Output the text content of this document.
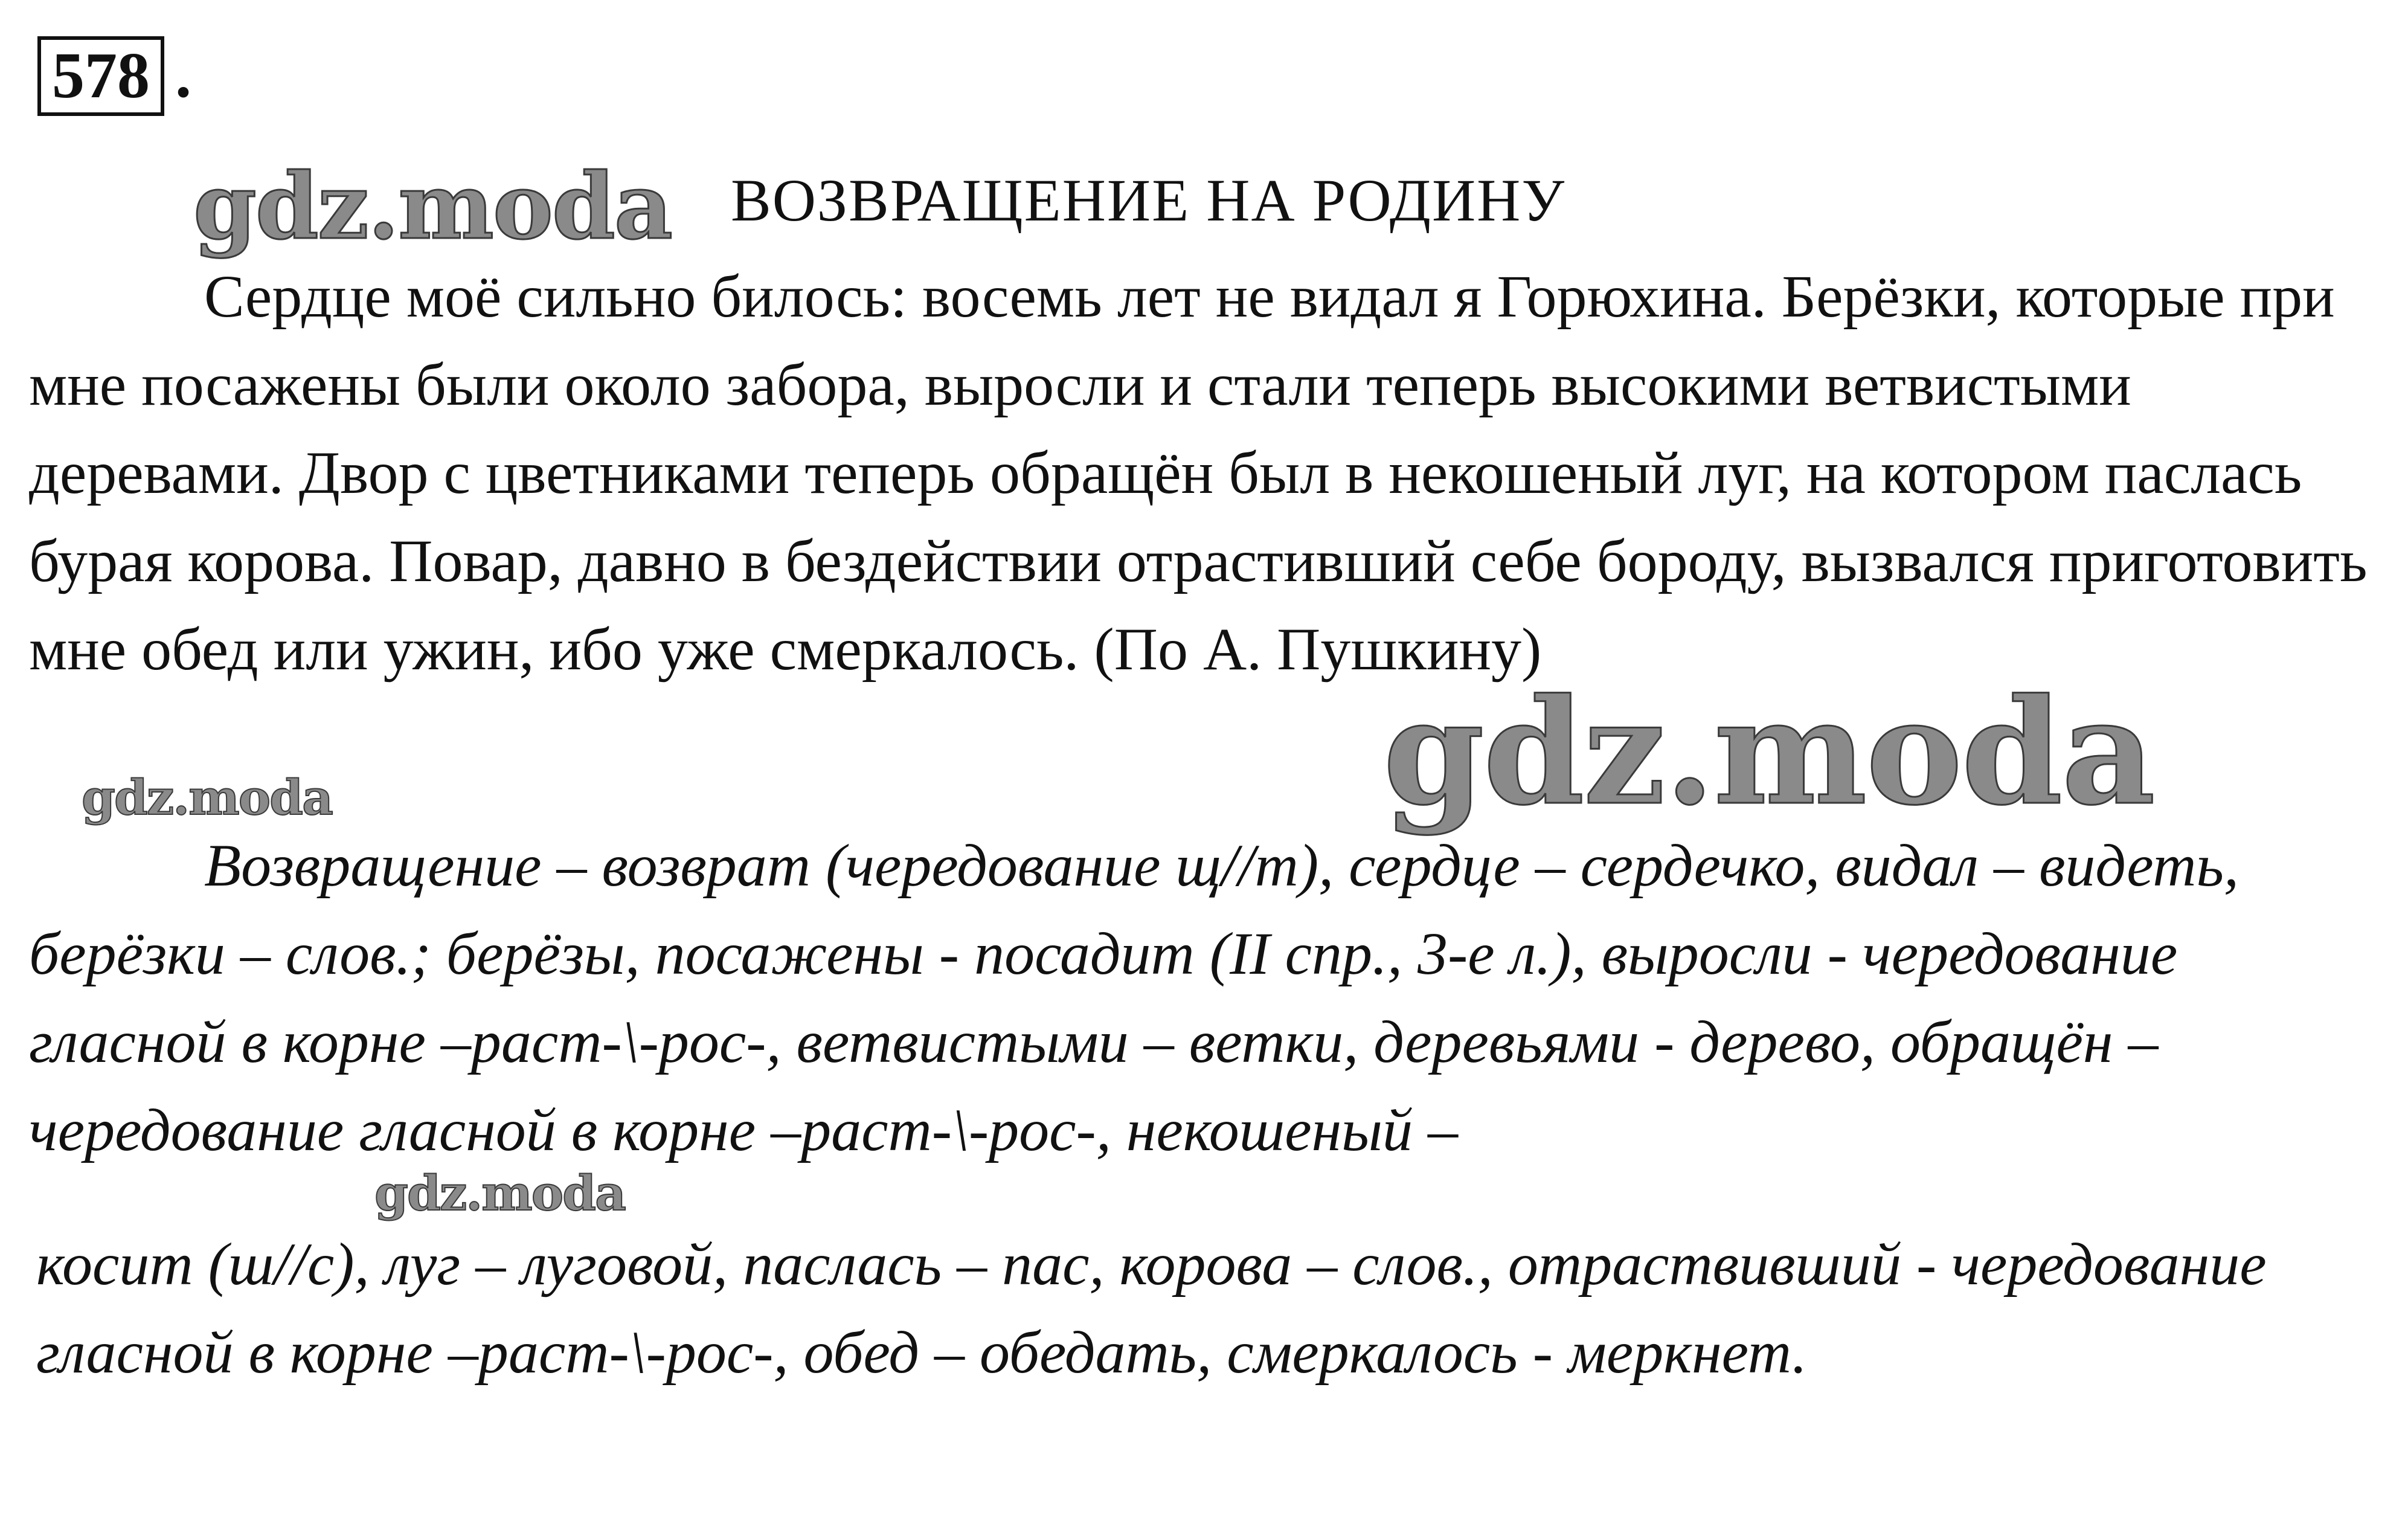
578 .
gdz.moda ВОЗВРАЩЕНИЕ НА РОДИНУ
Сердце моё сильно билось: восемь лет не видал я Горюхина. Берёзки, которые при мне посажены были около забора, выросли и стали теперь высокими ветвистыми деревами. Двор с цветниками теперь обращён был в некошеный луг, на котором паслась бурая корова. Повар, давно в бездействии отрастивший себе бороду, вызвался приготовить мне обед или ужин, ибо уже смеркалось. (По А. Пушкину)
gdz.moda
gdz.moda
Возвращение – возврат (чередование щ//т), сердце – сердечко, видал – видеть, берёзки – слов.; берёзы, посажены - посадит (II спр., 3-е л.), выросли - чередование гласной в корне –раст-\-рос-, ветвистыми – ветки, деревьями - дерево, обращён – чередование гласной в корне –раст-\-рос-, некошеный –
gdz.moda
косит (ш//с), луг – луговой, паслась – пас, корова – слов., отраствивший - чередование гласной в корне –раст-\-рос-, обед – обедать, смеркалось - меркнет.
